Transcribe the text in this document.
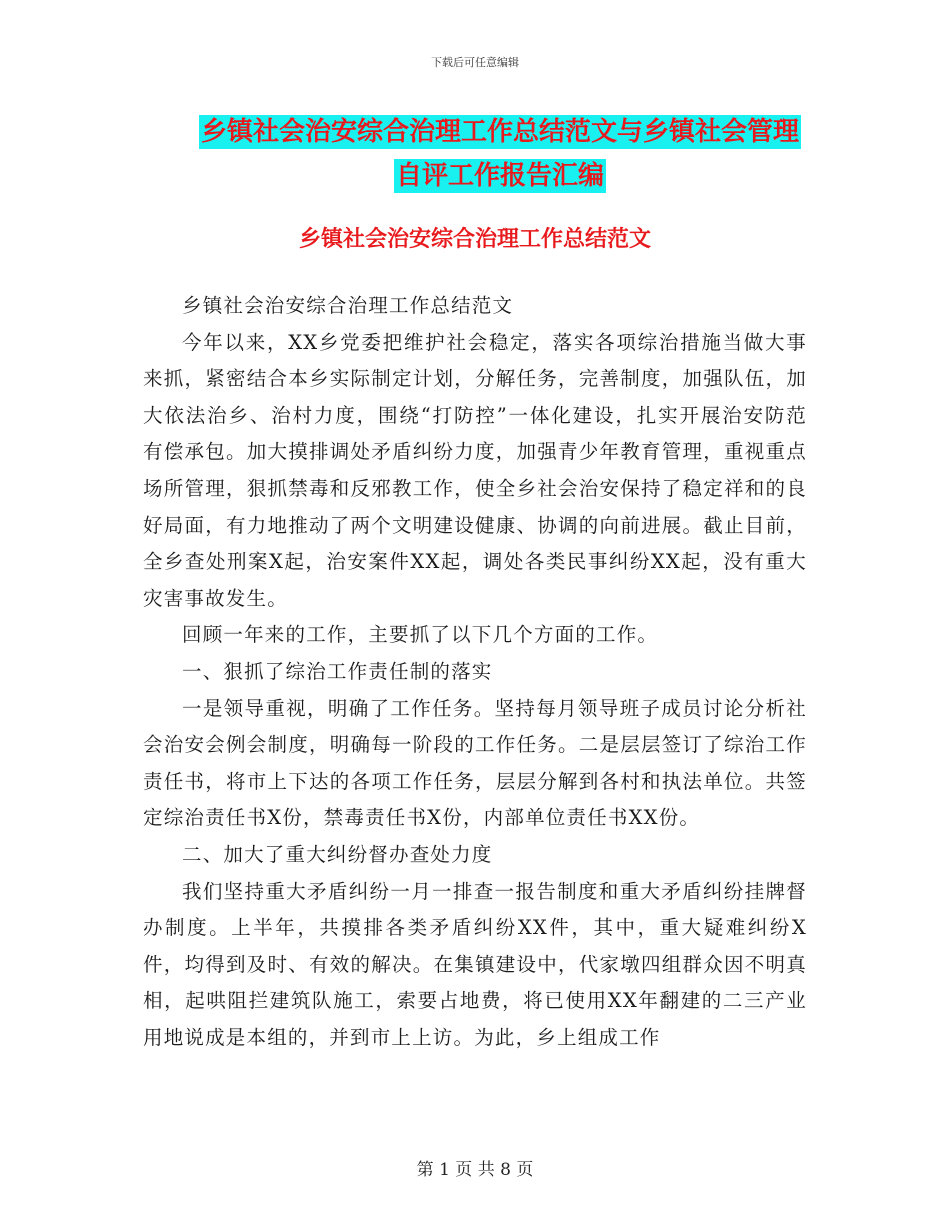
下载后可任意编辑
乡镇社会治安综合治理工作总结范文与乡镇社会管理
自评工作报告汇编
乡镇社会治安综合治理工作总结范文

乡镇社会治安综合治理工作总结范文

今年以来，XX乡党委把维护社会稳定，落实各项综治措施当做大事来抓，紧密结合本乡实际制定计划，分解任务，完善制度，加强队伍，加大依法治乡、治村力度，围绕“打防控”一体化建设，扎实开展治安防范有偿承包。加大摸排调处矛盾纠纷力度，加强青少年教育管理，重视重点场所管理，狠抓禁毒和反邪教工作，使全乡社会治安保持了稳定祥和的良好局面，有力地推动了两个文明建设健康、协调的向前进展。截止目前，全乡查处刑案X起，治安案件XX起，调处各类民事纠纷XX起，没有重大灾害事故发生。

回顾一年来的工作，主要抓了以下几个方面的工作。

一、狠抓了综治工作责任制的落实

一是领导重视，明确了工作任务。坚持每月领导班子成员讨论分析社会治安会例会制度，明确每一阶段的工作任务。二是层层签订了综治工作责任书，将市上下达的各项工作任务，层层分解到各村和执法单位。共签定综治责任书X份，禁毒责任书X份，内部单位责任书XX份。

二、加大了重大纠纷督办查处力度

我们坚持重大矛盾纠纷一月一排查一报告制度和重大矛盾纠纷挂牌督办制度。上半年，共摸排各类矛盾纠纷XX件，其中，重大疑难纠纷X件，均得到及时、有效的解决。在集镇建设中，代家墩四组群众因不明真相，起哄阻拦建筑队施工，索要占地费，将已使用XX年翻建的二三产业用地说成是本组的，并到市上上访。为此，乡上组成工作

第 1 页 共 8 页
